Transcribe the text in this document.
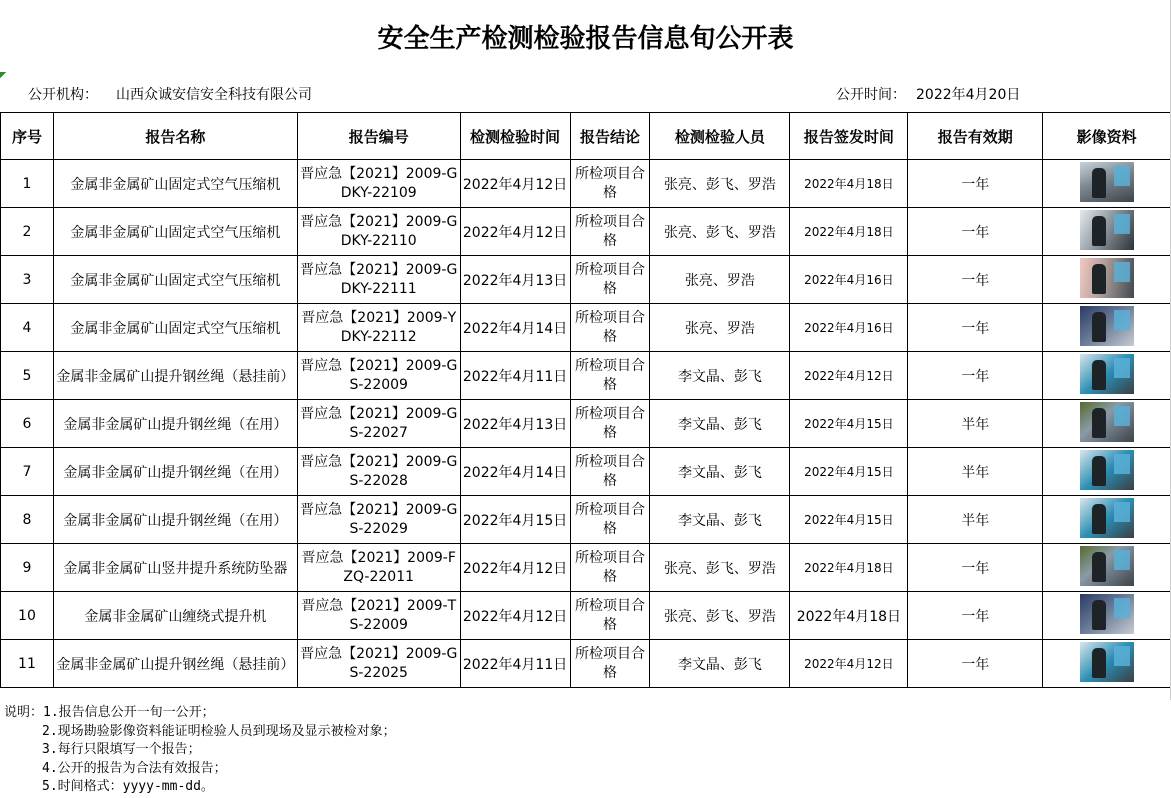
安全生产检测检验报告信息旬公开表
公开机构： 山西众诚安信安全科技有限公司	公开时间： 2022年4月20日
序号	报告名称	报告编号	检测检验时间	报告结论	检测检验人员	报告签发时间	报告有效期	影像资料
1	金属非金属矿山固定式空气压缩机	晋应急【2021】2009-GDKY-22109	2022年4月12日	所检项目合格	张亮、彭飞、罗浩	2022年4月18日	一年	
2	金属非金属矿山固定式空气压缩机	晋应急【2021】2009-GDKY-22110	2022年4月12日	所检项目合格	张亮、彭飞、罗浩	2022年4月18日	一年	
3	金属非金属矿山固定式空气压缩机	晋应急【2021】2009-GDKY-22111	2022年4月13日	所检项目合格	张亮、罗浩	2022年4月16日	一年	
4	金属非金属矿山固定式空气压缩机	晋应急【2021】2009-YDKY-22112	2022年4月14日	所检项目合格	张亮、罗浩	2022年4月16日	一年	
5	金属非金属矿山提升钢丝绳（悬挂前）	晋应急【2021】2009-GS-22009	2022年4月11日	所检项目合格	李文晶、彭飞	2022年4月12日	一年	
6	金属非金属矿山提升钢丝绳（在用）	晋应急【2021】2009-GS-22027	2022年4月13日	所检项目合格	李文晶、彭飞	2022年4月15日	半年	
7	金属非金属矿山提升钢丝绳（在用）	晋应急【2021】2009-GS-22028	2022年4月14日	所检项目合格	李文晶、彭飞	2022年4月15日	半年	
8	金属非金属矿山提升钢丝绳（在用）	晋应急【2021】2009-GS-22029	2022年4月15日	所检项目合格	李文晶、彭飞	2022年4月15日	半年	
9	金属非金属矿山竖井提升系统防坠器	晋应急【2021】2009-FZQ-22011	2022年4月12日	所检项目合格	张亮、彭飞、罗浩	2022年4月18日	一年	
10	金属非金属矿山缠绕式提升机	晋应急【2021】2009-TS-22009	2022年4月12日	所检项目合格	张亮、彭飞、罗浩	2022年4月18日	一年	
11	金属非金属矿山提升钢丝绳（悬挂前）	晋应急【2021】2009-GS-22025	2022年4月11日	所检项目合格	李文晶、彭飞	2022年4月12日	一年	
说明：1.报告信息公开一旬一公开；
2.现场勘验影像资料能证明检验人员到现场及显示被检对象；
3.每行只限填写一个报告；
4.公开的报告为合法有效报告；
5.时间格式：yyyy-mm-dd。
